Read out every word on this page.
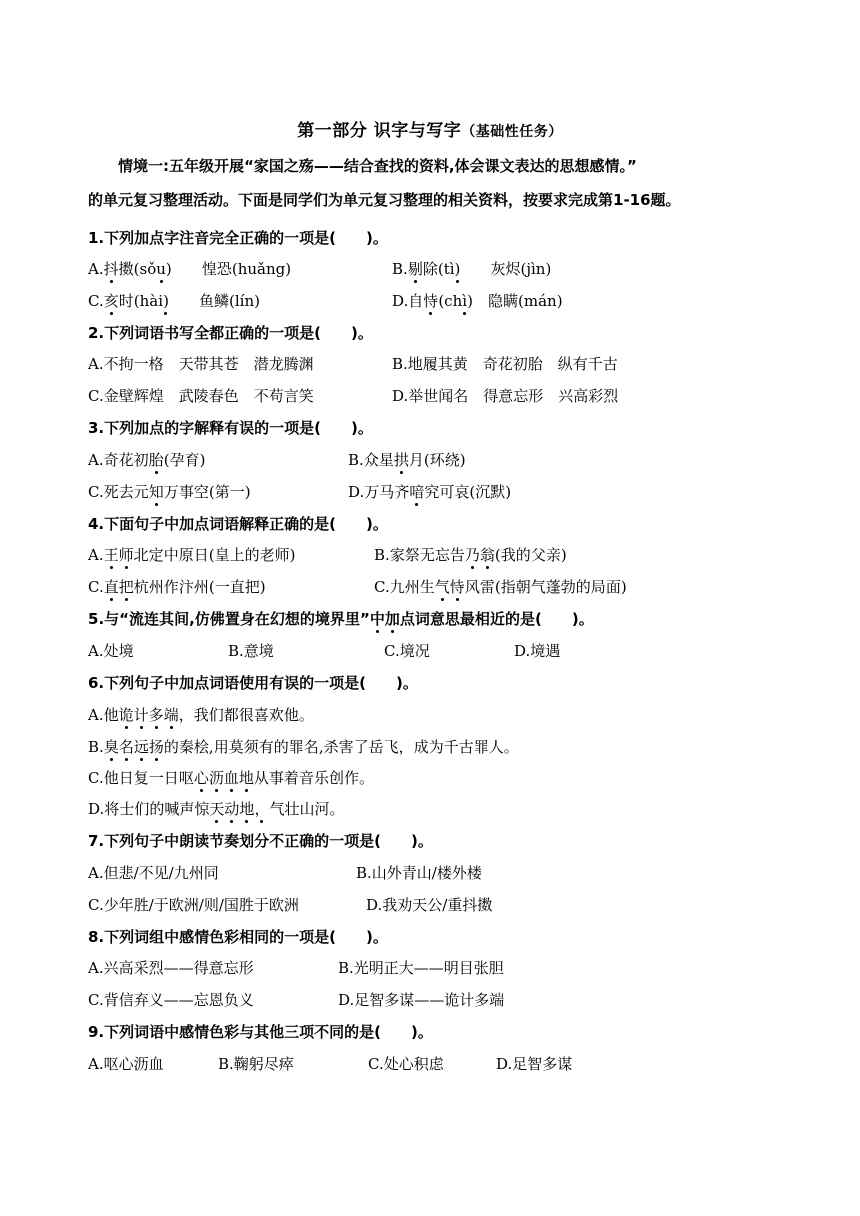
第一部分 识字与写字（基础性任务）
情境一:五年级开展“家国之殇——结合查找的资料,体会课文表达的思想感情。”
的单元复习整理活动。下面是同学们为单元复习整理的相关资料，按要求完成第1-16题。
1.下列加点字注音完全正确的一项是(　　)。
A.抖擞(sǒu)　　 惶恐(huǎng)	B.剔除(tì)　　 灰烬(jìn)
C.亥时(hài)　　 鱼鳞(lín)	D.自恃(chì)　 隐瞒(mán)
2.下列词语书写全都正确的一项是(　　)。
A.不拘一格　天带其苍　潜龙腾渊	B.地履其黄　奇花初胎　纵有千古
C.金壁辉煌　武陵春色　不苟言笑	D.举世闻名　得意忘形　兴高彩烈
3.下列加点的字解释有误的一项是(　　)。
A.奇花初胎(孕育)	B.众星拱月(环绕)
C.死去元知万事空(第一)	D.万马齐喑究可哀(沉默)
4.下面句子中加点词语解释正确的是(　　)。
A.王师北定中原日(皇上的老师)	B.家祭无忘告乃翁(我的父亲)
C.直把杭州作汴州(一直把)	C.九州生气恃风雷(指朝气蓬勃的局面)
5.与“流连其间,仿佛置身在幻想的境界里”中加点词意思最相近的是(　　 )。
A.处境	B.意境	C.境况	D.境遇
6.下列句子中加点词语使用有误的一项是(　　)。
A.他诡计多端，我们都很喜欢他。
B.臭名远扬的秦桧,用莫须有的罪名,杀害了岳飞，成为千古罪人。
C.他日复一日呕心沥血地从事着音乐创作。
D.将士们的喊声惊天动地，气壮山河。
7.下列句子中朗读节奏划分不正确的一项是(　　)。
A.但悲/不见/九州同	B.山外青山/楼外楼
C.少年胜/于欧洲/则/国胜于欧洲	D.我劝天公/重抖擞
8.下列词组中感情色彩相同的一项是(　　)。
A.兴高采烈——得意忘形	B.光明正大——明目张胆
C.背信弃义——忘恩负义	D.足智多谋——诡计多端
9.下列词语中感情色彩与其他三项不同的是(　　)。
A.呕心沥血	B.鞠躬尽瘁	C.处心积虑	D.足智多谋
